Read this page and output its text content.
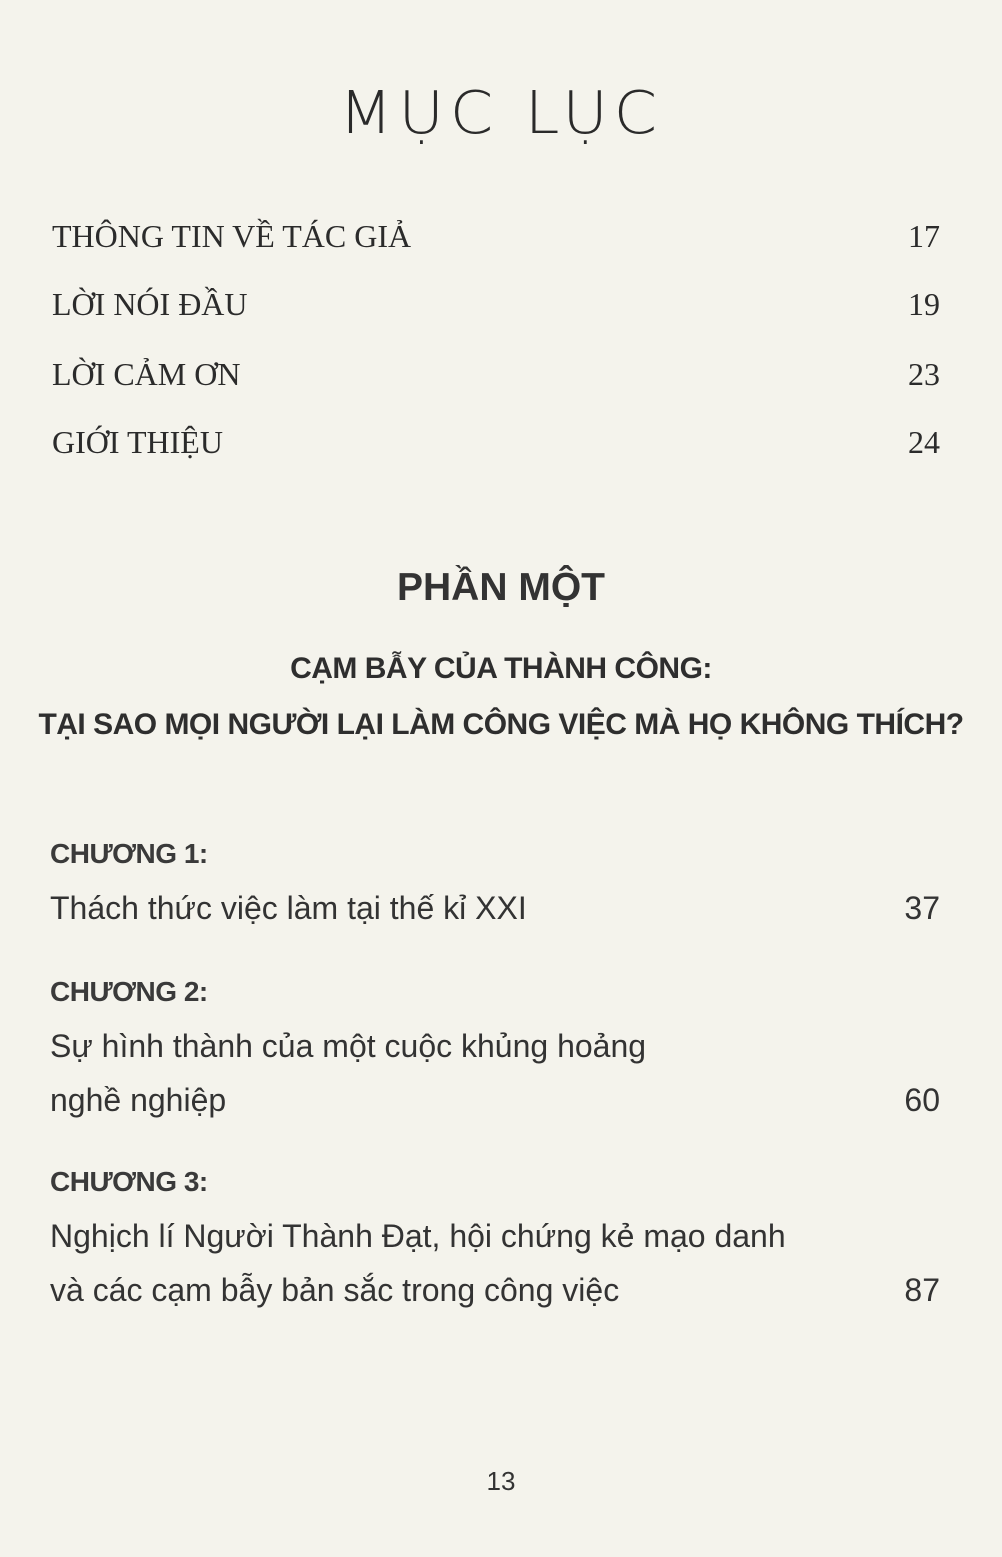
MỤC LỤC
THÔNG TIN VỀ TÁC GIẢ	17
LỜI NÓI ĐẦU	19
LỜI CẢM ƠN	23
GIỚI THIỆU	24
PHẦN MỘT
CẠM BẪY CỦA THÀNH CÔNG:
TẠI SAO MỌI NGƯỜI LẠI LÀM CÔNG VIỆC MÀ HỌ KHÔNG THÍCH?
CHƯƠNG 1:
Thách thức việc làm tại thế kỉ XXI	37
CHƯƠNG 2:
Sự hình thành của một cuộc khủng hoảng
nghề nghiệp	60
CHƯƠNG 3:
Nghịch lí Người Thành Đạt, hội chứng kẻ mạo danh
và các cạm bẫy bản sắc trong công việc	87
13
